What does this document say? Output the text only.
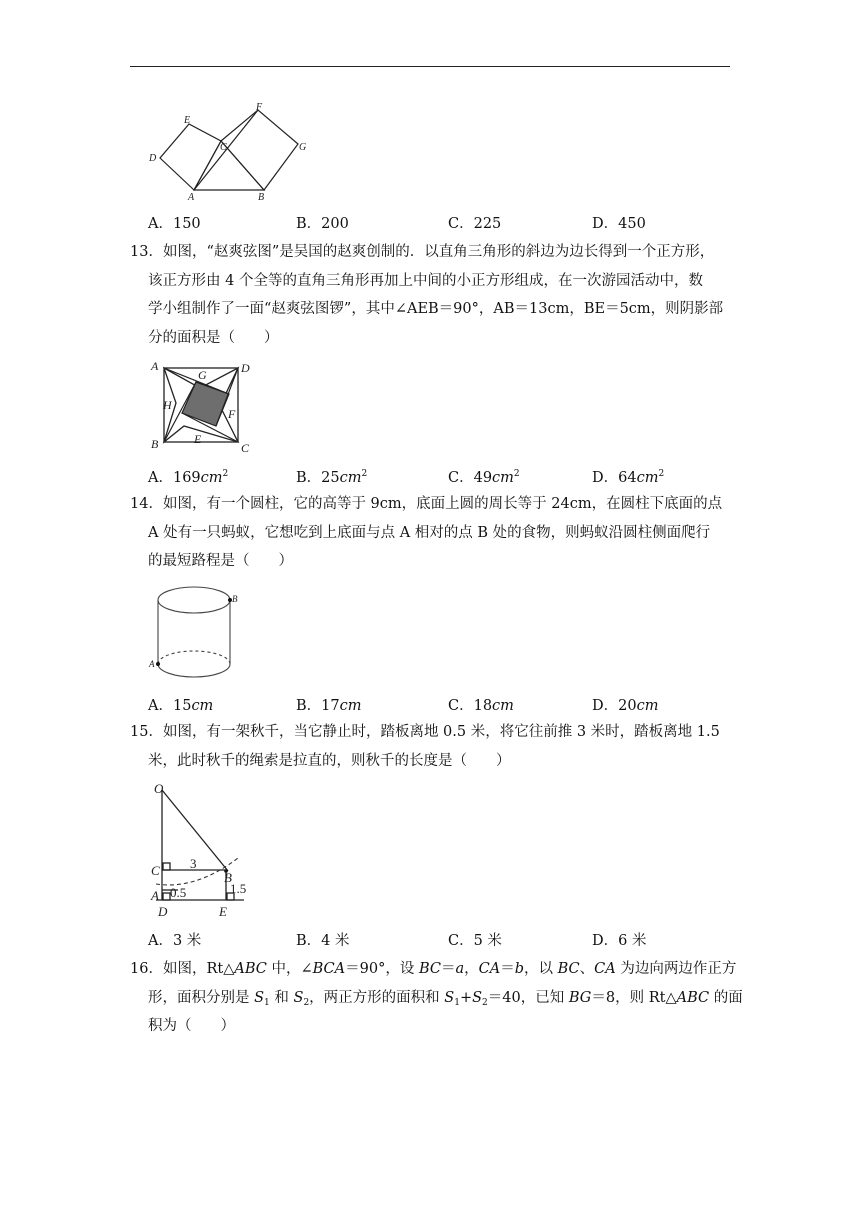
E
F
D
C	G
A	B
A．150	B．200	C．225	D．450

13．如图，“赵爽弦图”是吴国的赵爽创制的．以直角三角形的斜边为边长得到一个正方形，

该正方形由 4 个全等的直角三角形再加上中间的小正方形组成，在一次游园活动中，数

学小组制作了一面“赵爽弦图锣”，其中∠AEB＝90°，AB＝13cm，BE＝5cm，则阴影部

分的面积是（　　）

A	D
G
H
F
B	E
C
A．$169cm^2$	B．$25cm^2$	C．$49cm^2$	D．$64cm^2$

14．如图，有一个圆柱，它的高等于 9cm，底面上圆的周长等于 24cm，在圆柱下底面的点

A 处有一只蚂蚁，它想吃到上底面与点 A 相对的点 B 处的食物，则蚂蚁沿圆柱侧面爬行

的最短路程是（　　）

B
A
A．15cm	B．17cm	C．18cm	D．20cm

15．如图，有一架秋千，当它静止时，踏板离地 0.5 米，将它往前推 3 米时，踏板离地 1.5

米，此时秋千的绳索是拉直的，则秋千的长度是（　　）

O
C 3
B
1.5
A 0.5
D	E
A．3 米	B．4 米	C．5 米	D．6 米

16．如图，Rt△ABC 中，∠BCA＝90°，设 BC＝a，CA＝b，以 BC、CA 为边向两边作正方

形，面积分别是 $S_1$ 和 $S_2$，两正方形的面积和 $S_1+S_2=40$，已知 BG＝8，则 Rt△ABC 的面

积为（　　）
